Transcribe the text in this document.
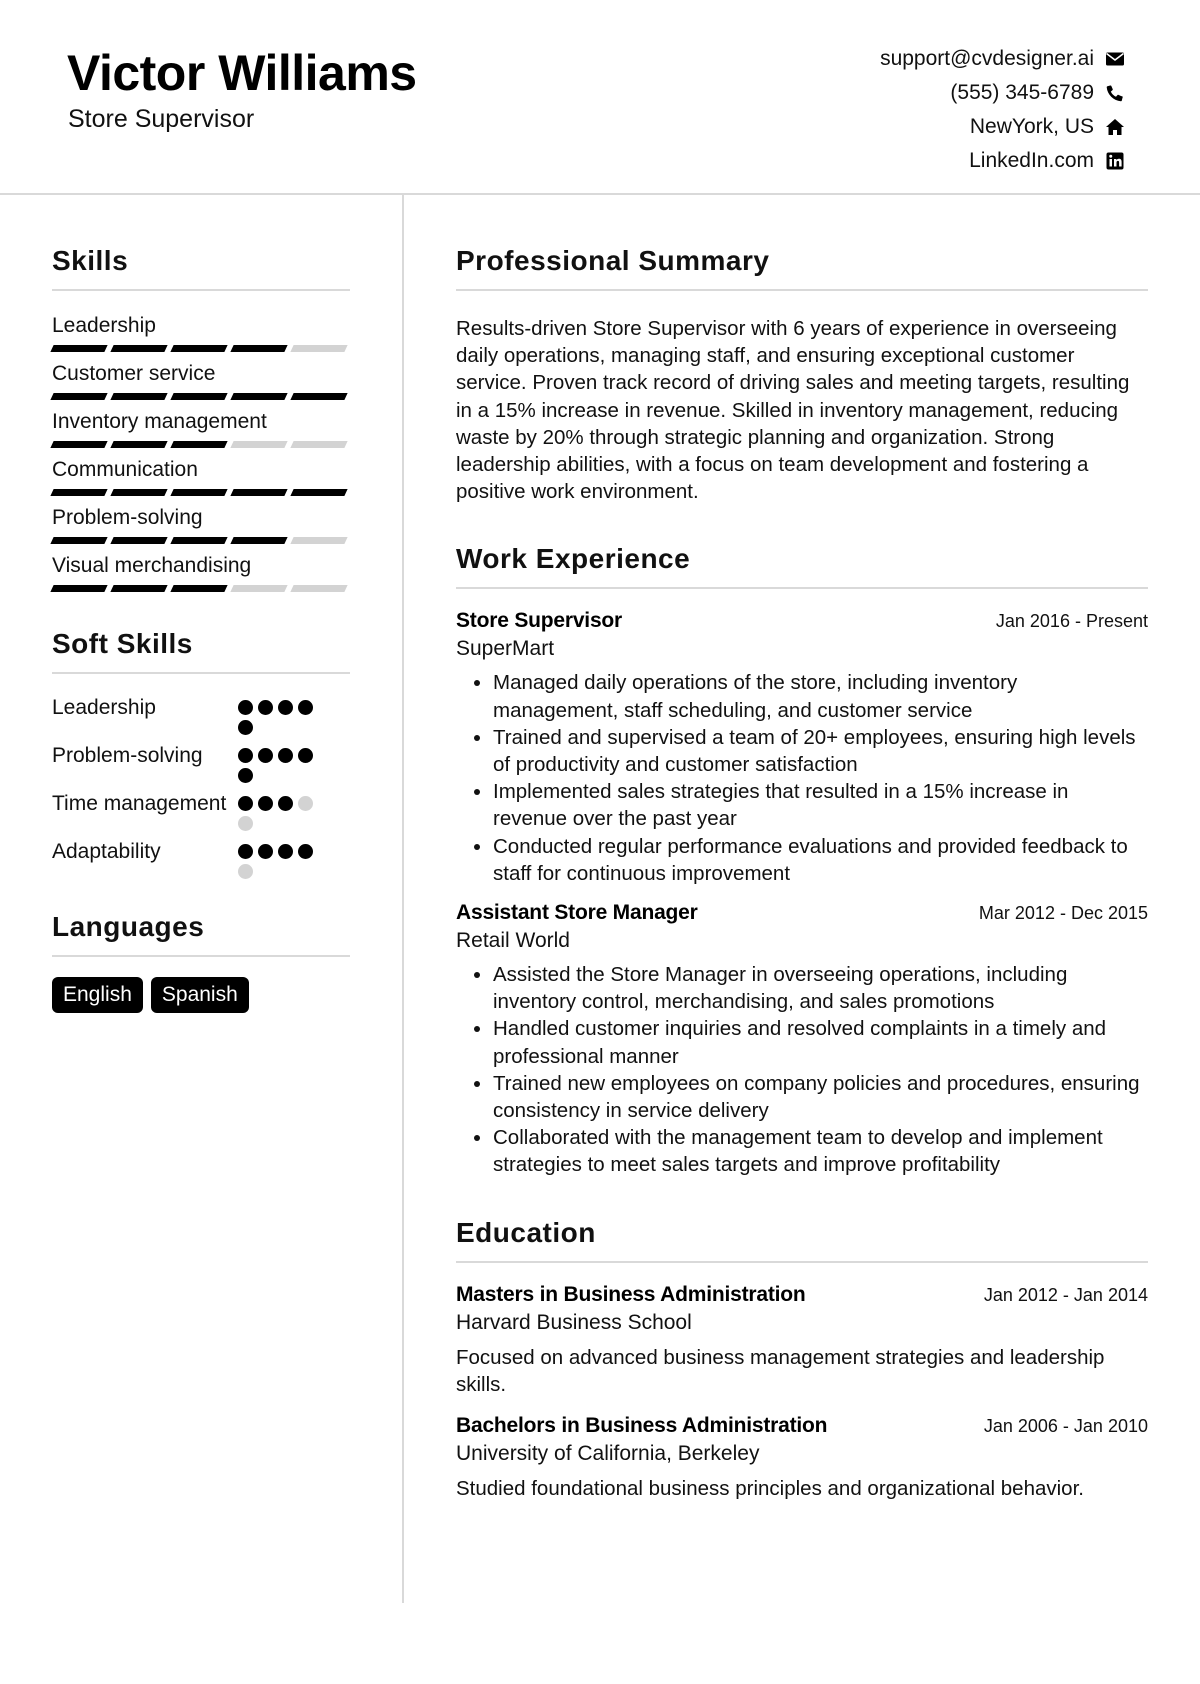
Victor Williams
Store Supervisor
support@cvdesigner.ai
(555) 345-6789
NewYork, US
LinkedIn.com
Skills
Leadership
Customer service
Inventory management
Communication
Problem-solving
Visual merchandising
Soft Skills
Leadership
Problem-solving
Time management
Adaptability
Languages
English	Spanish
Professional Summary

Results-driven Store Supervisor with 6 years of experience in overseeing daily operations, managing staff, and ensuring exceptional customer service. Proven track record of driving sales and meeting targets, resulting in a 15% increase in revenue. Skilled in inventory management, reducing waste by 20% through strategic planning and organization. Strong leadership abilities, with a focus on team development and fostering a positive work environment.

Work Experience
Store Supervisor	Jan 2016 - Present
SuperMart
• Managed daily operations of the store, including inventory management, staff scheduling, and customer service
• Trained and supervised a team of 20+ employees, ensuring high levels of productivity and customer satisfaction
• Implemented sales strategies that resulted in a 15% increase in revenue over the past year
• Conducted regular performance evaluations and provided feedback to staff for continuous improvement
Assistant Store Manager	Mar 2012 - Dec 2015
Retail World
• Assisted the Store Manager in overseeing operations, including inventory control, merchandising, and sales promotions
• Handled customer inquiries and resolved complaints in a timely and professional manner
• Trained new employees on company policies and procedures, ensuring consistency in service delivery
• Collaborated with the management team to develop and implement strategies to meet sales targets and improve profitability
Education
Masters in Business Administration	Jan 2012 - Jan 2014
Harvard Business School
Focused on advanced business management strategies and leadership skills.
Bachelors in Business Administration	Jan 2006 - Jan 2010
University of California, Berkeley
Studied foundational business principles and organizational behavior.
